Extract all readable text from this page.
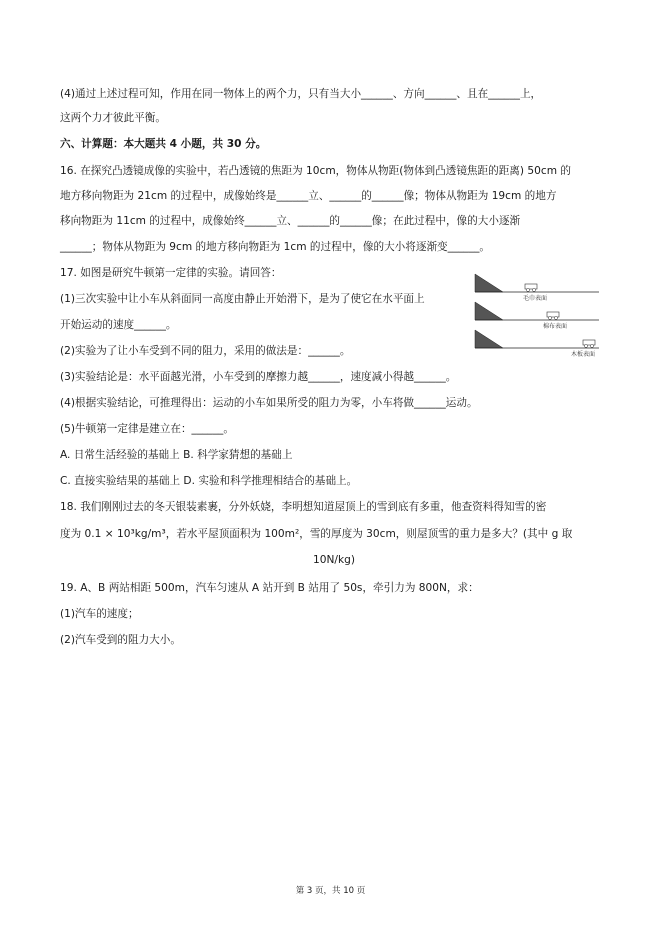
(4)通过上述过程可知，作用在同一物体上的两个力，只有当大小______、方向______、且在______上，
这两个力才彼此平衡。
六、计算题：本大题共 4 小题，共 30 分。
16. 在探究凸透镜成像的实验中，若凸透镜的焦距为 10cm，物体从物距(物体到凸透镜焦距的距离) 50cm 的
地方移向物距为 21cm 的过程中，成像始终是______立、______的______像；物体从物距为 19cm 的地方
移向物距为 11cm 的过程中，成像始终______立、______的______像；在此过程中，像的大小逐渐
______；物体从物距为 9cm 的地方移向物距为 1cm 的过程中，像的大小将逐渐变______。
17. 如图是研究牛顿第一定律的实验。请回答：
(1)三次实验中让小车从斜面同一高度由静止开始滑下，是为了使它在水平面上
开始运动的速度______。
(2)实验为了让小车受到不同的阻力，采用的做法是：______。
(3)实验结论是：水平面越光滑，小车受到的摩擦力越______，速度减小得越______。
(4)根据实验结论，可推理得出：运动的小车如果所受的阻力为零，小车将做______运动。
(5)牛顿第一定律是建立在：______。
A. 日常生活经验的基础上 B. 科学家猜想的基础上
C. 直接实验结果的基础上 D. 实验和科学推理相结合的基础上。
18. 我们刚刚过去的冬天银装素裹，分外妖娆，李明想知道屋顶上的雪到底有多重，他查资料得知雪的密
度为 0.1 × 10³kg/m³，若水平屋顶面积为 100m²，雪的厚度为 30cm，则屋顶雪的重力是多大？(其中 g 取
10N/kg)
19. A、B 两站相距 500m，汽车匀速从 A 站开到 B 站用了 50s，牵引力为 800N，求：
(1)汽车的速度；
(2)汽车受到的阻力大小。
毛巾表面
棉布表面
木板表面
第 3 页，共 10 页
